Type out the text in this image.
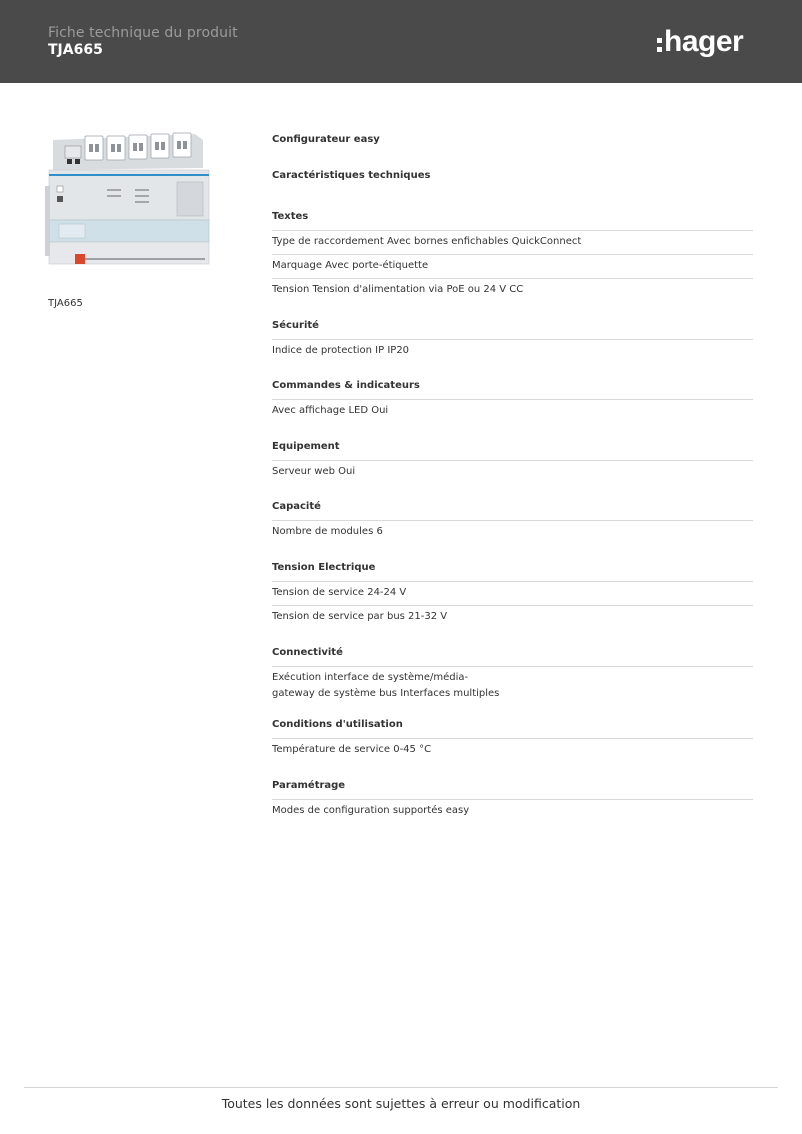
Fiche technique du produit
TJA665	hager
TJA665
Configurateur easy
Caractéristiques techniques
Textes
Type de raccordement Avec bornes enfichables QuickConnect
Marquage Avec porte-étiquette
Tension Tension d'alimentation via PoE ou 24 V CC
Sécurité
Indice de protection IP IP20
Commandes & indicateurs
Avec affichage LED Oui
Equipement
Serveur web Oui
Capacité
Nombre de modules 6
Tension Electrique
Tension de service 24-24 V
Tension de service par bus 21-32 V
Connectivité
Exécution interface de système/média-
gateway de système bus Interfaces multiples
Conditions d'utilisation
Température de service 0-45 °C
Paramétrage
Modes de configuration supportés easy
Toutes les données sont sujettes à erreur ou modification
